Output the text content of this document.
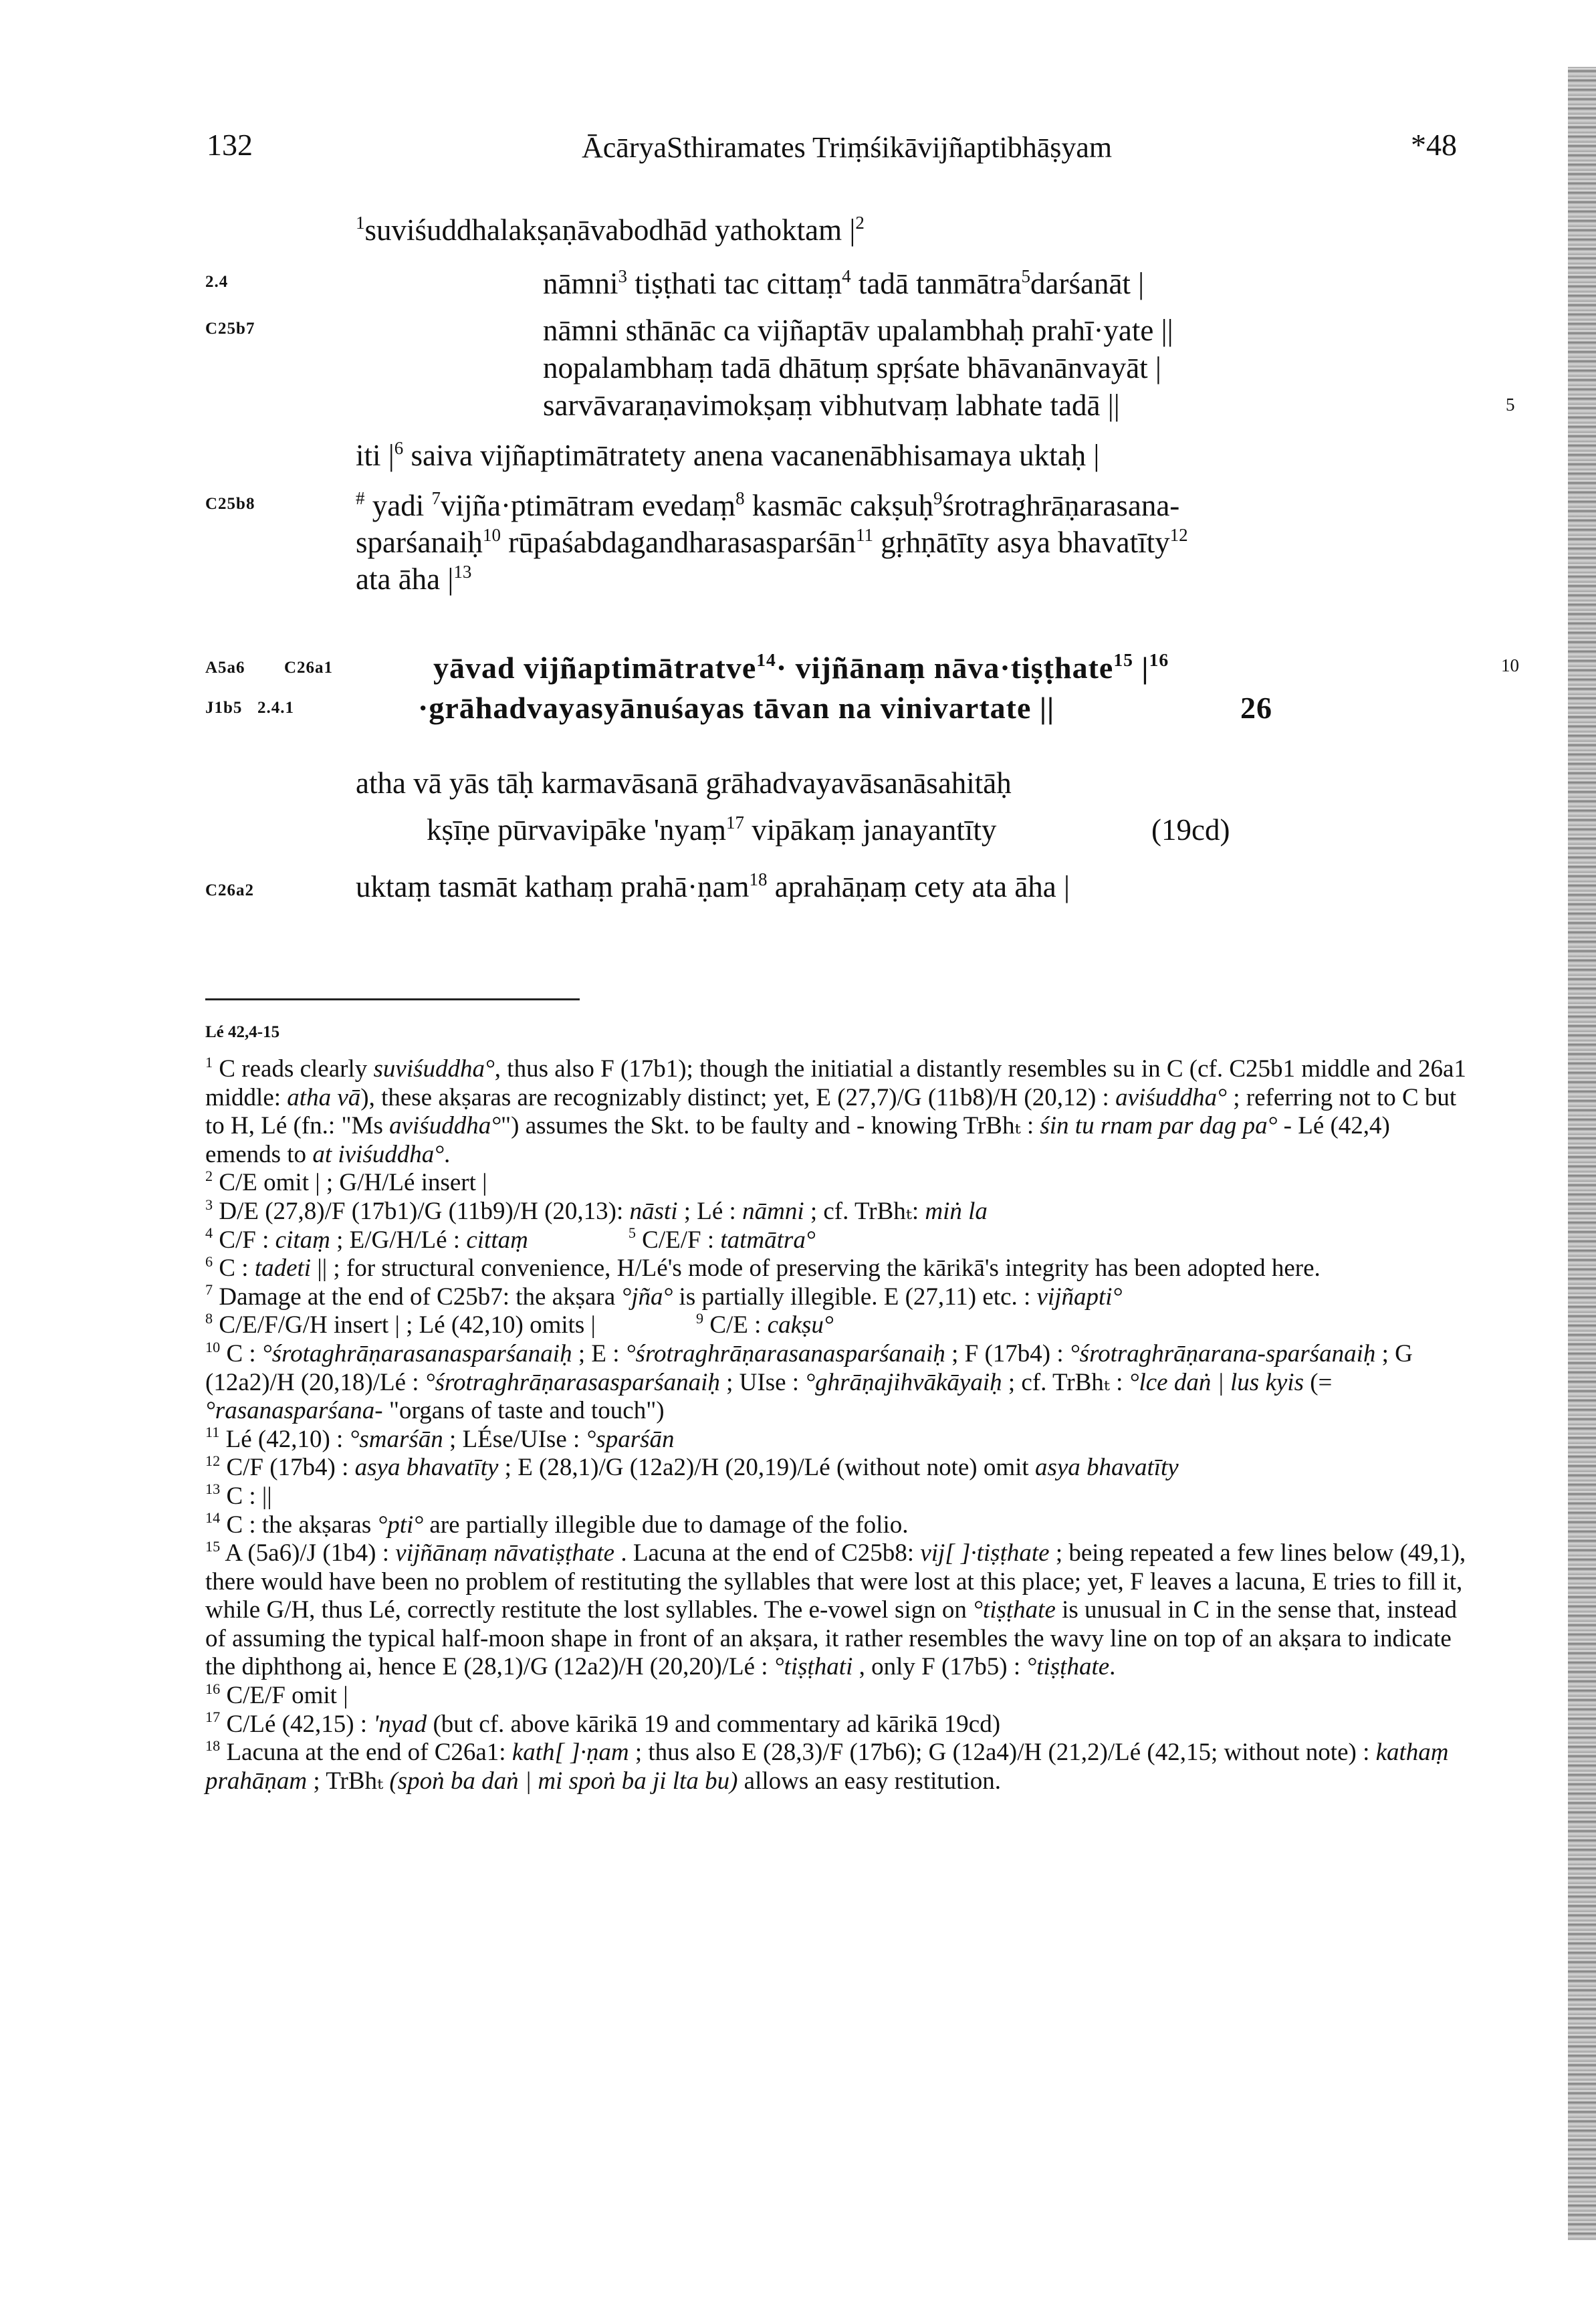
132	ĀcāryaSthiramates Triṃśikāvijñaptibhāṣyam	*48
2.4
C25b7
C25b8
A5a6 C26a1
J1b5 2.4.1
C26a2
5
10
$^1$suviśuddhalakṣaṇāvabodhād yathoktam $|^2$
nāmni$^3$ tiṣṭhati tac cittaṃ$^4$ tadā tanmātra$^5$darśanāt |
nāmni sthānāc ca vijñaptāv upalambhaḥ prahī·yate ||
nopalambhaṃ tadā dhātuṃ spṛśate bhāvanānvayāt |
sarvāvaraṇavimokṣaṃ vibhutvaṃ labhate tadā ||
iti $|^6$ saiva vijñaptimātratety anena vacanenābhisamaya uktaḥ |
# yadi $^7$vijña·ptimātram evedaṃ$^8$ kasmāc cakṣuḥ$^9$śrotraghrāṇarasana-
sparśanaiḥ$^{10}$ rūpaśabdagandharasasparśān$^{11}$ gṛhṇātīty asya bhavatīty$^{12}$
ata āha $|^{13}$
yāvad vijñaptimātratve$^{14}$· vijñānaṃ nāva·tiṣṭhate$^{15}$ $|^{16}$
·grāhadvayasyānuśayas tāvan na vinivartate ||	26
atha vā yās tāḥ karmavāsanā grāhadvayavāsanāsahitāḥ
kṣīṇe pūrvavipāke 'nyaṃ$^{17}$ vipākaṃ janayantīty	(19cd)
uktaṃ tasmāt kathaṃ prahā·ṇam$^{18}$ aprahāṇaṃ cety ata āha |
Lé 42,4-15

$^1$ C reads clearly suviśuddha°, thus also F (17b1); though the initiatial a distantly resembles su in C (cf. C25b1 middle and 26a1 middle: atha vā), these akṣaras are recognizably distinct; yet, E (27,7)/G (11b8)/H (20,12) : aviśuddha° ; referring not to C but to H, Lé (fn.: "Ms aviśuddha°") assumes the Skt. to be faulty and - knowing TrBhₜ : śin tu rnam par dag pa° - Lé (42,4) emends to at iviśuddha°.

$^2$ C/E omit | ; G/H/Lé insert |

$^3$ D/E (27,8)/F (17b1)/G (11b9)/H (20,13): nāsti ; Lé : nāmni ; cf. TrBhₜ: miṅ la

$^4$ C/F : citaṃ ; E/G/H/Lé : cittaṃ	$^5$ C/E/F : tatmātra°

$^6$ C : tadeti || ; for structural convenience, H/Lé's mode of preserving the kārikā's integrity has been adopted here.

$^7$ Damage at the end of C25b7: the akṣara °jña° is partially illegible. E (27,11) etc. : vijñapti°

$^8$ C/E/F/G/H insert | ; Lé (42,10) omits |	$^9$ C/E : cakṣu°

$^{10}$ C : °śrotaghrāṇarasanasparśanaiḥ ; E : °śrotraghrāṇarasanasparśanaiḥ ; F (17b4) : °śrotraghrāṇarana-sparśanaiḥ ; G (12a2)/H (20,18)/Lé : °śrotraghrāṇarasasparśanaiḥ ; UIse : °ghrāṇajihvākāyaiḥ ; cf. TrBhₜ : °lce daṅ | lus kyis (= °rasanasparśana- "organs of taste and touch")

$^{11}$ Lé (42,10) : °smarśān ; LÉse/UIse : °sparśān

$^{12}$ C/F (17b4) : asya bhavatīty ; E (28,1)/G (12a2)/H (20,19)/Lé (without note) omit asya bhavatīty

$^{13}$ C : ||

$^{14}$ C : the akṣaras °pti° are partially illegible due to damage of the folio.

$^{15}$ A (5a6)/J (1b4) : vijñānaṃ nāvatiṣṭhate . Lacuna at the end of C25b8: vij[ ]·tiṣṭhate ; being repeated a few lines below (49,1), there would have been no problem of restituting the syllables that were lost at this place; yet, F leaves a lacuna, E tries to fill it, while G/H, thus Lé, correctly restitute the lost syllables. The e-vowel sign on °tiṣṭhate is unusual in C in the sense that, instead of assuming the typical half-moon shape in front of an akṣara, it rather resembles the wavy line on top of an akṣara to indicate the diphthong ai, hence E (28,1)/G (12a2)/H (20,20)/Lé : °tiṣṭhati , only F (17b5) : °tiṣṭhate.

$^{16}$ C/E/F omit |

$^{17}$ C/Lé (42,15) : 'nyad (but cf. above kārikā 19 and commentary ad kārikā 19cd)

$^{18}$ Lacuna at the end of C26a1: kath[ ]·ṇam ; thus also E (28,3)/F (17b6); G (12a4)/H (21,2)/Lé (42,15; without note) : kathaṃ prahāṇam ; TrBhₜ (spoṅ ba daṅ | mi spoṅ ba ji lta bu) allows an easy restitution.
